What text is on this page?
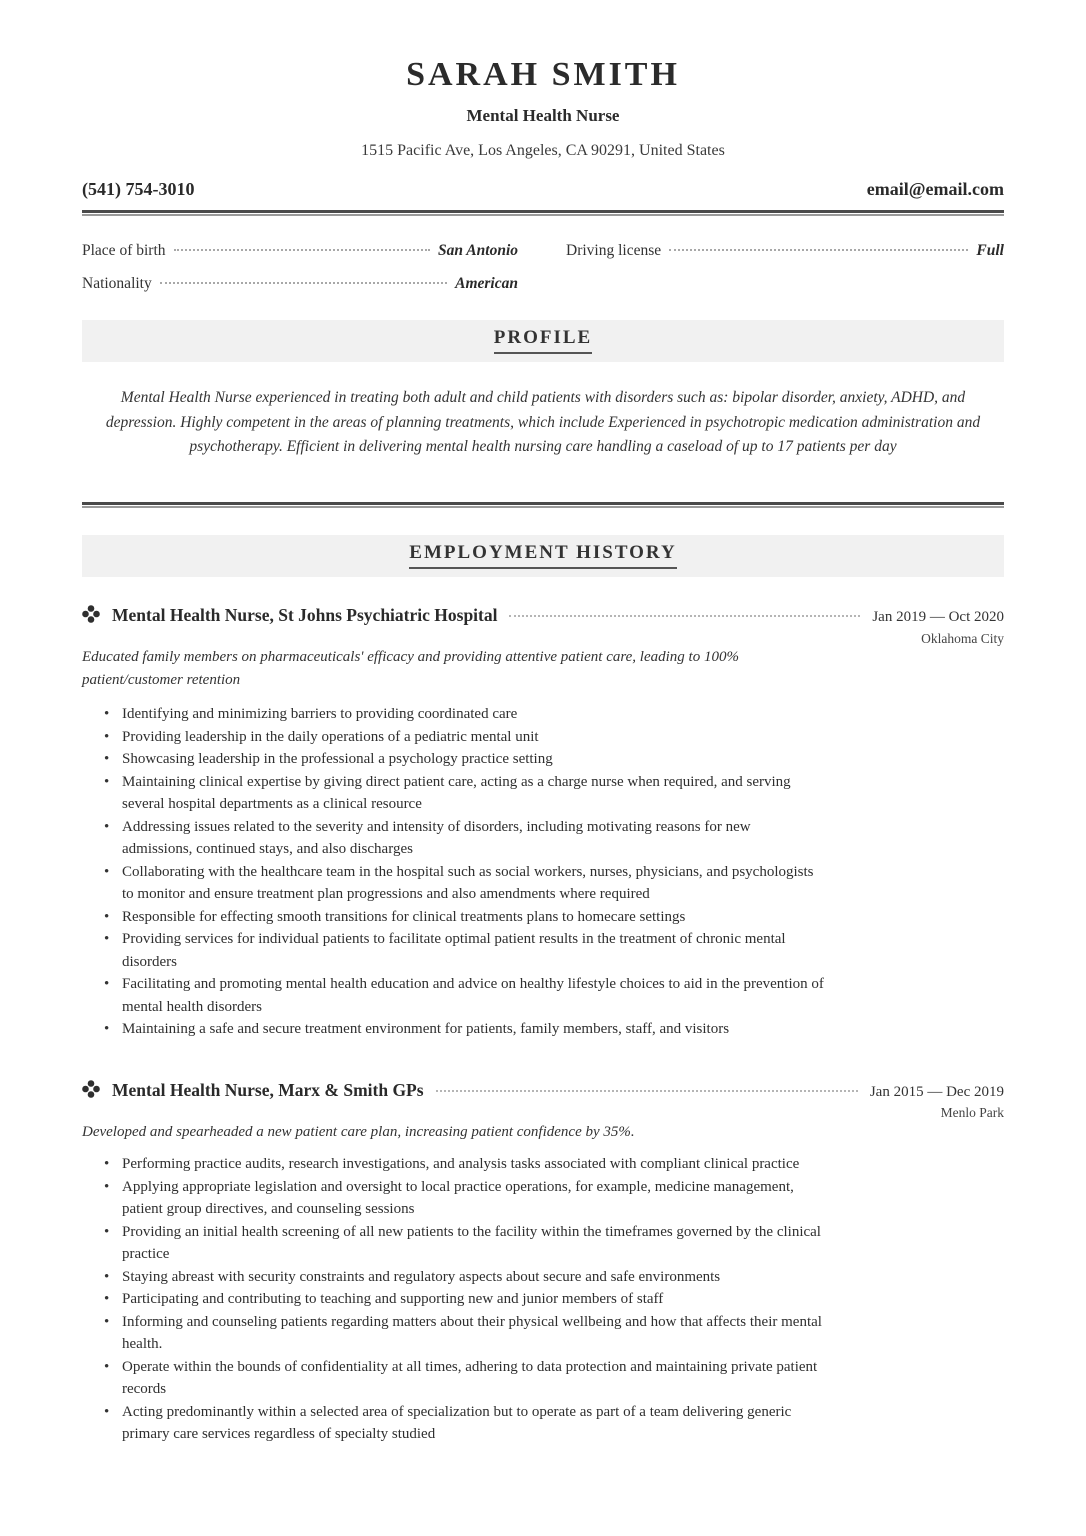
SARAH SMITH
Mental Health Nurse
1515 Pacific Ave, Los Angeles, CA 90291, United States
(541) 754-3010	email@email.com
Place of birth	San Antonio
Nationality	American
Driving license	Full
PROFILE
Mental Health Nurse experienced in treating both adult and child patients with disorders such as: bipolar disorder, anxiety, ADHD, and depression. Highly competent in the areas of planning treatments, which include Experienced in psychotropic medication administration and psychotherapy. Efficient in delivering mental health nursing care handling a caseload of up to 17 patients per day
EMPLOYMENT HISTORY
Mental Health Nurse, St Johns Psychiatric Hospital	Jan 2019 — Oct 2020
Oklahoma City
Educated family members on pharmaceuticals' efficacy and providing attentive patient care, leading to 100% patient/customer retention
• Identifying and minimizing barriers to providing coordinated care
• Providing leadership in the daily operations of a pediatric mental unit
• Showcasing leadership in the professional a psychology practice setting
• Maintaining clinical expertise by giving direct patient care, acting as a charge nurse when required, and serving several hospital departments as a clinical resource
• Addressing issues related to the severity and intensity of disorders, including motivating reasons for new admissions, continued stays, and also discharges
• Collaborating with the healthcare team in the hospital such as social workers, nurses, physicians, and psychologists to monitor and ensure treatment plan progressions and also amendments where required
• Responsible for effecting smooth transitions for clinical treatments plans to homecare settings
• Providing services for individual patients to facilitate optimal patient results in the treatment of chronic mental disorders
• Facilitating and promoting mental health education and advice on healthy lifestyle choices to aid in the prevention of mental health disorders
• Maintaining a safe and secure treatment environment for patients, family members, staff, and visitors
Mental Health Nurse, Marx & Smith GPs	Jan 2015 — Dec 2019
Menlo Park
Developed and spearheaded a new patient care plan, increasing patient confidence by 35%.
• Performing practice audits, research investigations, and analysis tasks associated with compliant clinical practice
• Applying appropriate legislation and oversight to local practice operations, for example, medicine management, patient group directives, and counseling sessions
• Providing an initial health screening of all new patients to the facility within the timeframes governed by the clinical practice
• Staying abreast with security constraints and regulatory aspects about secure and safe environments
• Participating and contributing to teaching and supporting new and junior members of staff
• Informing and counseling patients regarding matters about their physical wellbeing and how that affects their mental health.
• Operate within the bounds of confidentiality at all times, adhering to data protection and maintaining private patient records
• Acting predominantly within a selected area of specialization but to operate as part of a team delivering generic primary care services regardless of specialty studied
